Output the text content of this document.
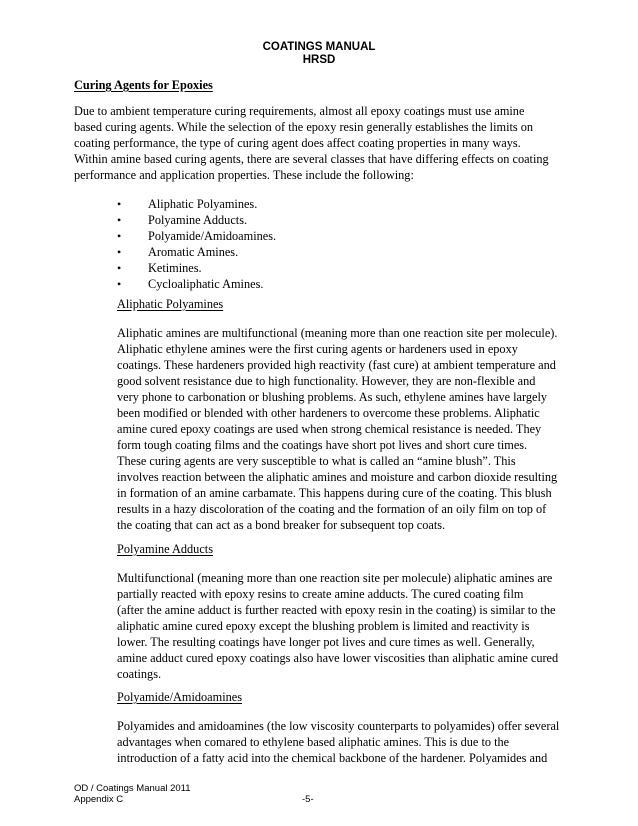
COATINGS MANUAL
HRSD
Curing Agents for Epoxies
Due to ambient temperature curing requirements, almost all epoxy coatings must use amine
based curing agents. While the selection of the epoxy resin generally establishes the limits on
coating performance, the type of curing agent does affect coating properties in many ways.
Within amine based curing agents, there are several classes that have differing effects on coating
performance and application properties. These include the following:
• Aliphatic Polyamines.
• Polyamine Adducts.
• Polyamide/Amidoamines.
• Aromatic Amines.
• Ketimines.
• Cycloaliphatic Amines.
Aliphatic Polyamines
Aliphatic amines are multifunctional (meaning more than one reaction site per molecule).
Aliphatic ethylene amines were the first curing agents or hardeners used in epoxy
coatings. These hardeners provided high reactivity (fast cure) at ambient temperature and
good solvent resistance due to high functionality. However, they are non-flexible and
very phone to carbonation or blushing problems. As such, ethylene amines have largely
been modified or blended with other hardeners to overcome these problems. Aliphatic
amine cured epoxy coatings are used when strong chemical resistance is needed. They
form tough coating films and the coatings have short pot lives and short cure times.
These curing agents are very susceptible to what is called an “amine blush”. This
involves reaction between the aliphatic amines and moisture and carbon dioxide resulting
in formation of an amine carbamate. This happens during cure of the coating. This blush
results in a hazy discoloration of the coating and the formation of an oily film on top of
the coating that can act as a bond breaker for subsequent top coats.
Polyamine Adducts
Multifunctional (meaning more than one reaction site per molecule) aliphatic amines are
partially reacted with epoxy resins to create amine adducts. The cured coating film
(after the amine adduct is further reacted with epoxy resin in the coating) is similar to the
aliphatic amine cured epoxy except the blushing problem is limited and reactivity is
lower. The resulting coatings have longer pot lives and cure times as well. Generally,
amine adduct cured epoxy coatings also have lower viscosities than aliphatic amine cured
coatings.
Polyamide/Amidoamines
Polyamides and amidoamines (the low viscosity counterparts to polyamides) offer several
advantages when comared to ethylene based aliphatic amines. This is due to the
introduction of a fatty acid into the chemical backbone of the hardener. Polyamides and
OD / Coatings Manual 2011
Appendix C	-5-
